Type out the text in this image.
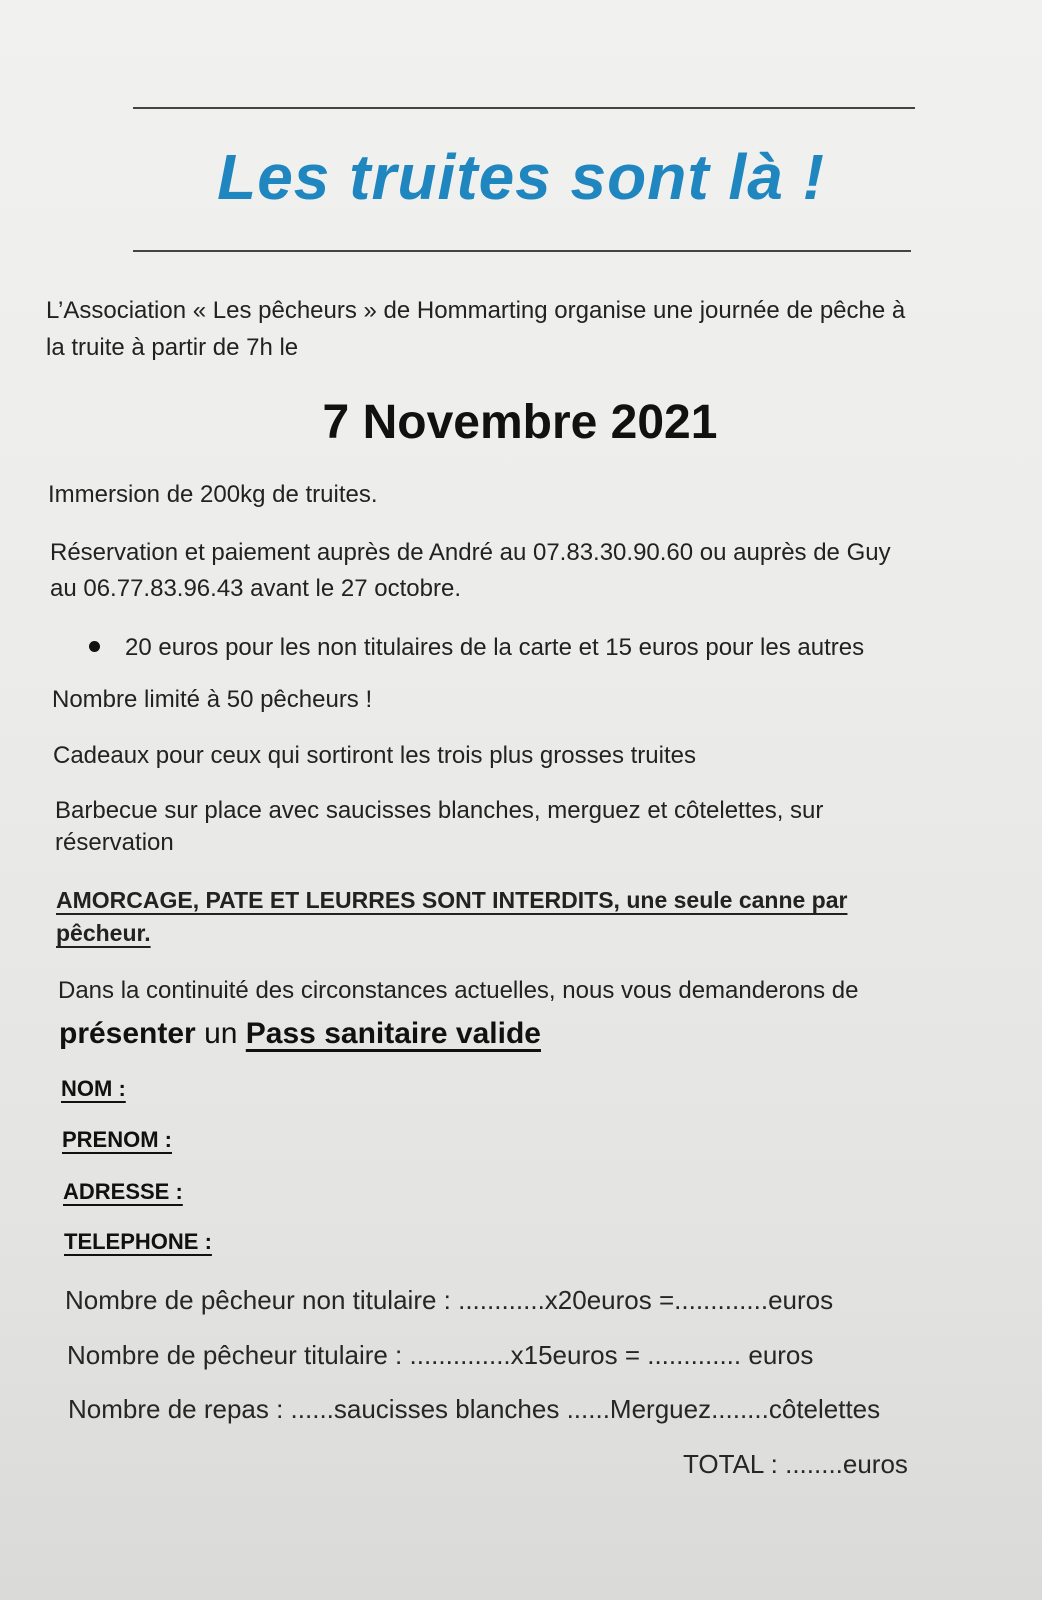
Les truites sont là !
L’Association « Les pêcheurs » de Hommarting organise une journée de pêche à
la truite à partir de 7h le
7 Novembre 2021
Immersion de 200kg de truites.
Réservation et paiement auprès de André au 07.83.30.90.60 ou auprès de Guy
au 06.77.83.96.43 avant le 27 octobre.
20 euros pour les non titulaires de la carte et 15 euros pour les autres
Nombre limité à 50 pêcheurs !
Cadeaux pour ceux qui sortiront les trois plus grosses truites
Barbecue sur place avec saucisses blanches, merguez et côtelettes, sur
réservation
AMORCAGE, PATE ET LEURRES SONT INTERDITS, une seule canne par
pêcheur.
Dans la continuité des circonstances actuelles, nous vous demanderons de
présenter un Pass sanitaire valide
NOM :
PRENOM :
ADRESSE :
TELEPHONE :
Nombre de pêcheur non titulaire : ............x20euros =.............euros
Nombre de pêcheur titulaire : ..............x15euros = ............. euros
Nombre de repas : ......saucisses blanches ......Merguez........côtelettes
TOTAL : ........euros
